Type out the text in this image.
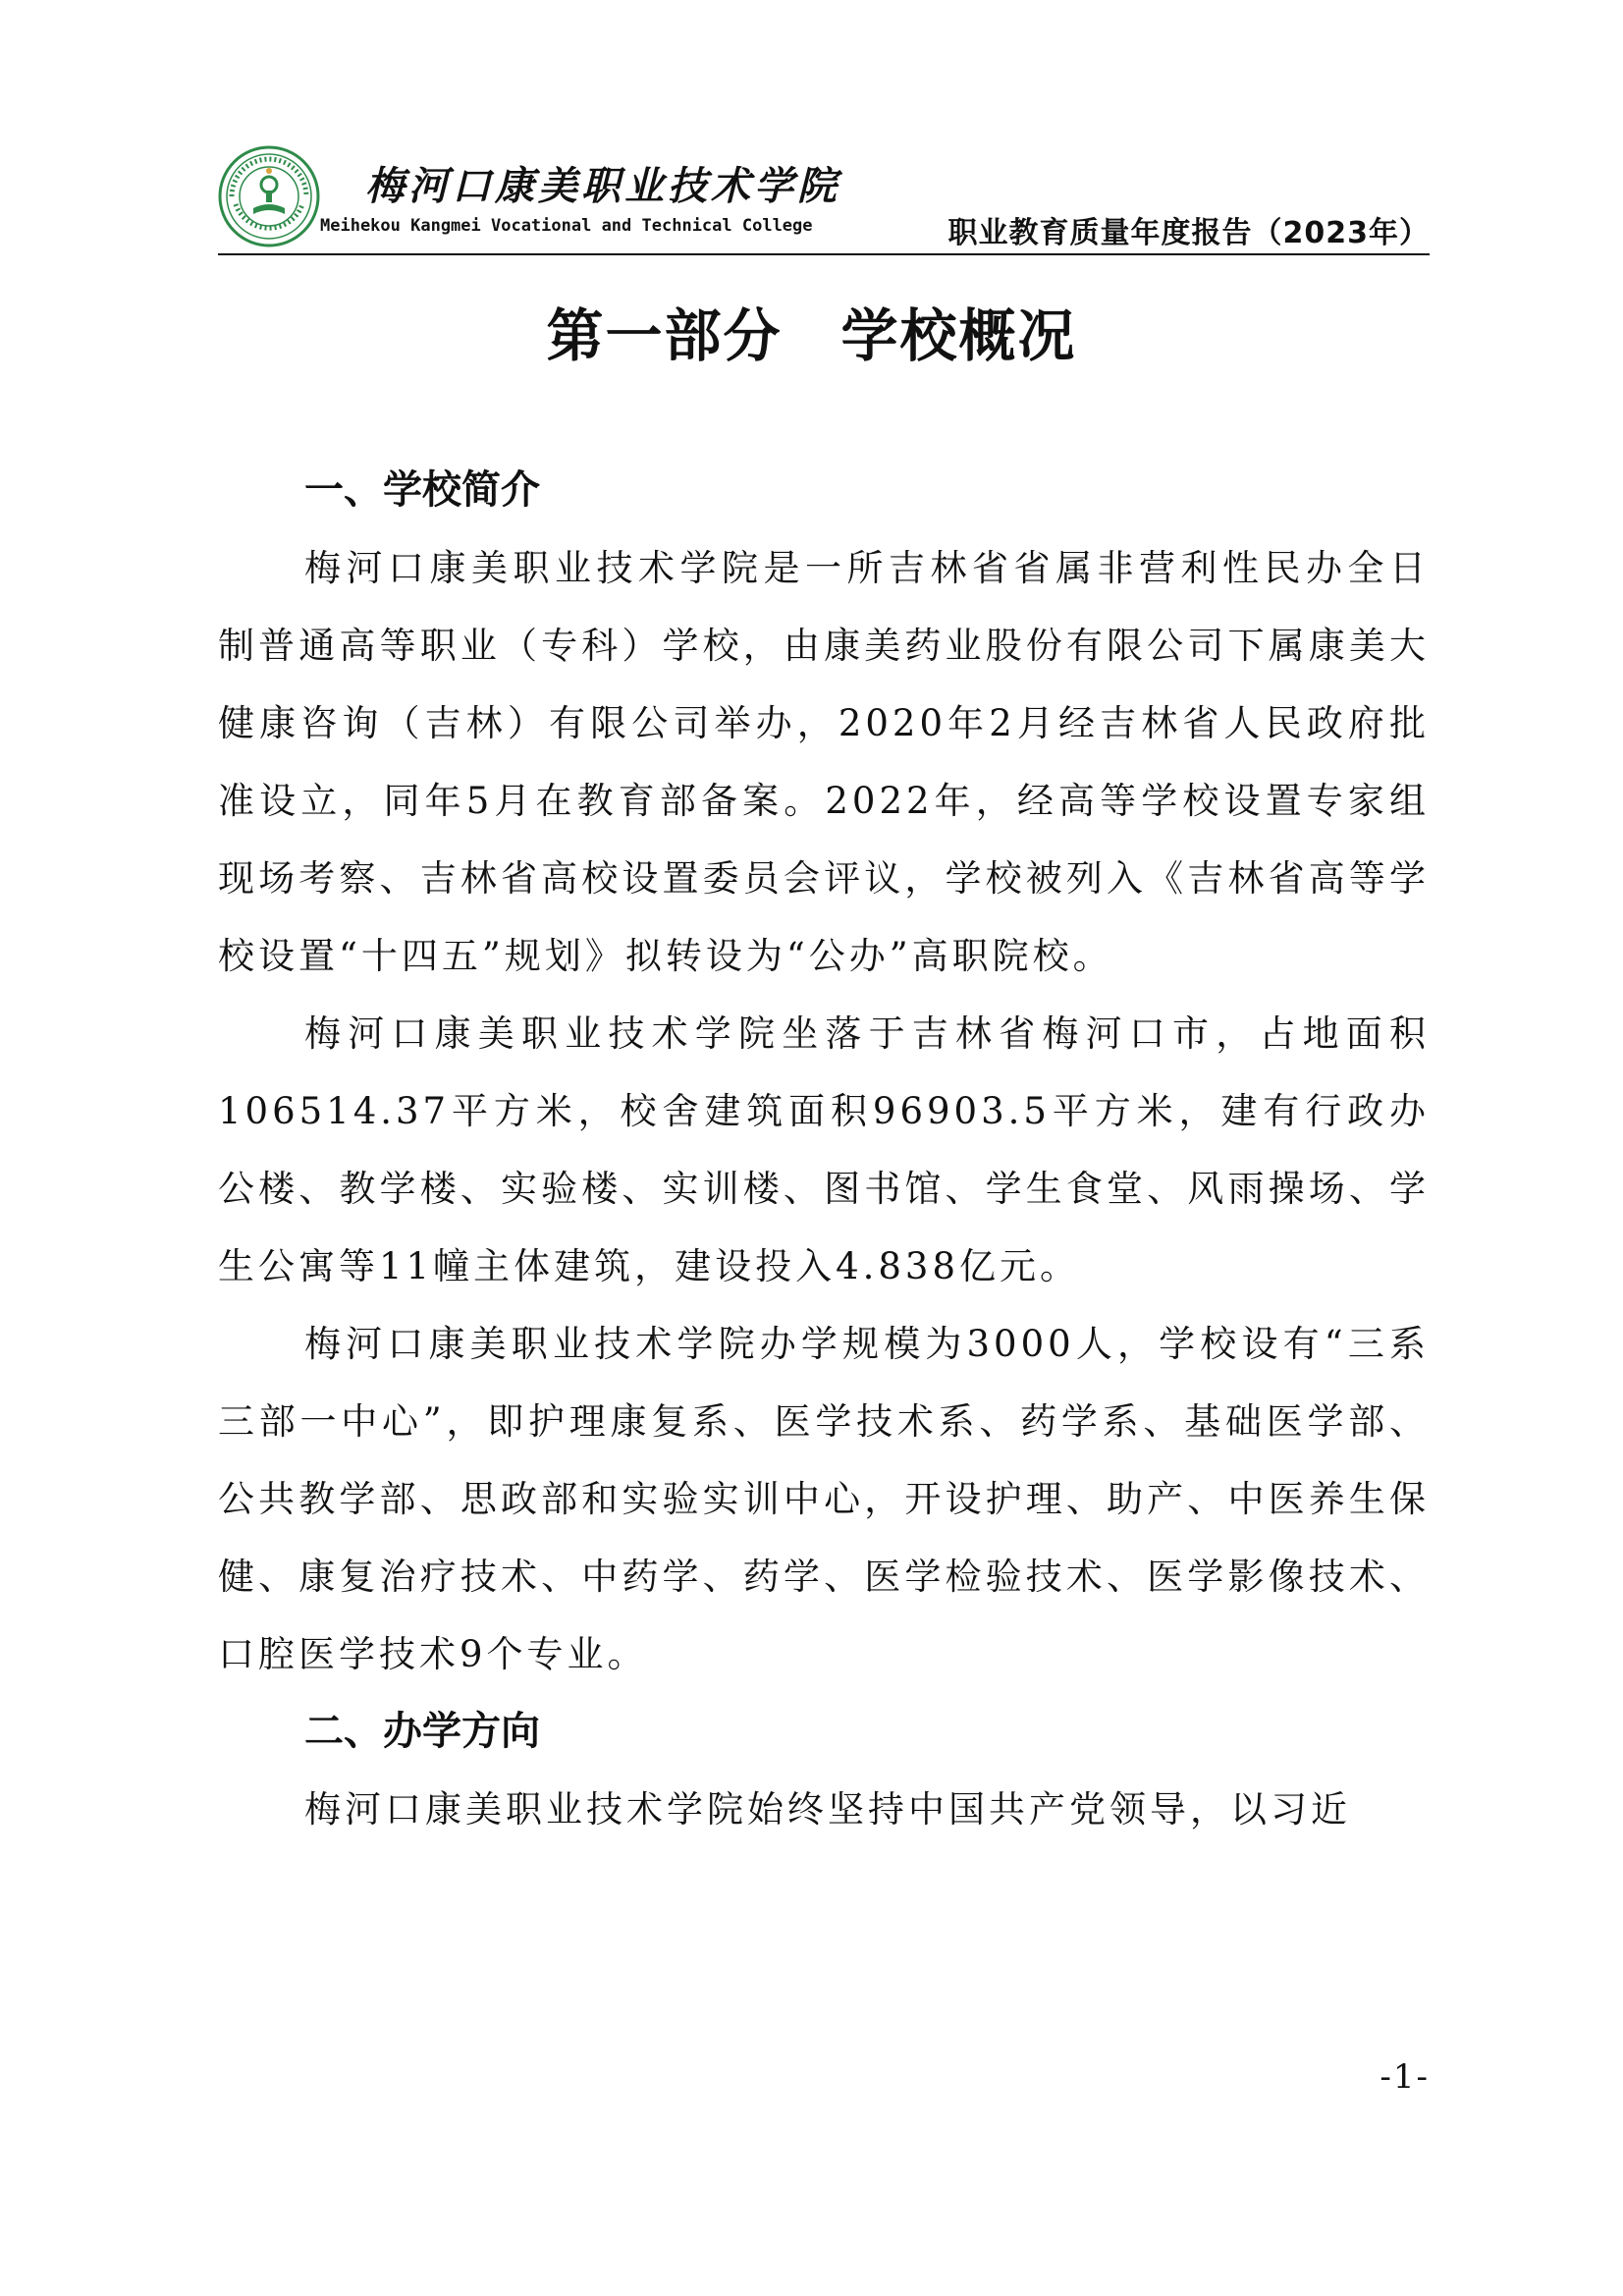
梅河口康美职业技术学院
Meihekou Kangmei Vocational and Technical College	职业教育质量年度报告（2023年）
第一部分　学校概况
一、学校简介

梅河口康美职业技术学院是一所吉林省省属非营利性民办全日制普通高等职业（专科）学校，由康美药业股份有限公司下属康美大健康咨询（吉林）有限公司举办，2020年2月经吉林省人民政府批准设立，同年5月在教育部备案。2022年，经高等学校设置专家组现场考察、吉林省高校设置委员会评议，学校被列入《吉林省高等学校设置“十四五”规划》拟转设为“公办”高职院校。

梅河口康美职业技术学院坐落于吉林省梅河口市，占地面积106514.37平方米，校舍建筑面积96903.5平方米，建有行政办公楼、教学楼、实验楼、实训楼、图书馆、学生食堂、风雨操场、学生公寓等11幢主体建筑，建设投入4.838亿元。

梅河口康美职业技术学院办学规模为3000人，学校设有“三系三部一中心”，即护理康复系、医学技术系、药学系、基础医学部、公共教学部、思政部和实验实训中心，开设护理、助产、中医养生保健、康复治疗技术、中药学、药学、医学检验技术、医学影像技术、口腔医学技术9个专业。

二、办学方向

梅河口康美职业技术学院始终坚持中国共产党领导，以习近

-1-
